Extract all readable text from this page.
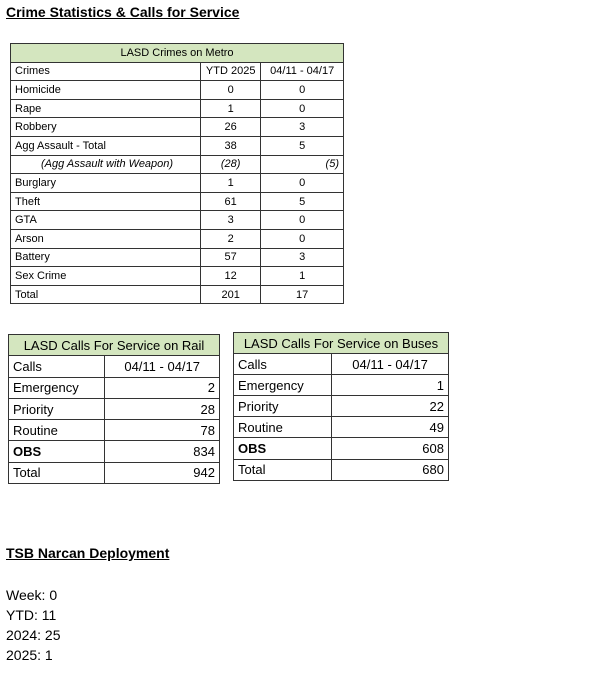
Crime Statistics & Calls for Service
LASD Crimes on Metro		
Crimes	YTD 2025	04/11 - 04/17
Homicide	0	0
Rape	1	0
Robbery	26	3
Agg Assault - Total	38	5
(Agg Assault with Weapon)	(28)	(5)
Burglary	1	0
Theft	61	5
GTA	3	0
Arson	2	0
Battery	57	3
Sex Crime	12	1
Total	201	17
LASD Calls For Service on Rail	
Calls	04/11 - 04/17
Emergency	2
Priority	28
Routine	78
OBS	834
Total	942
LASD Calls For Service on Buses	
Calls	04/11 - 04/17
Emergency	1
Priority	22
Routine	49
OBS	608
Total	680
TSB Narcan Deployment
Week: 0
YTD: 11
2024: 25
2025: 1
